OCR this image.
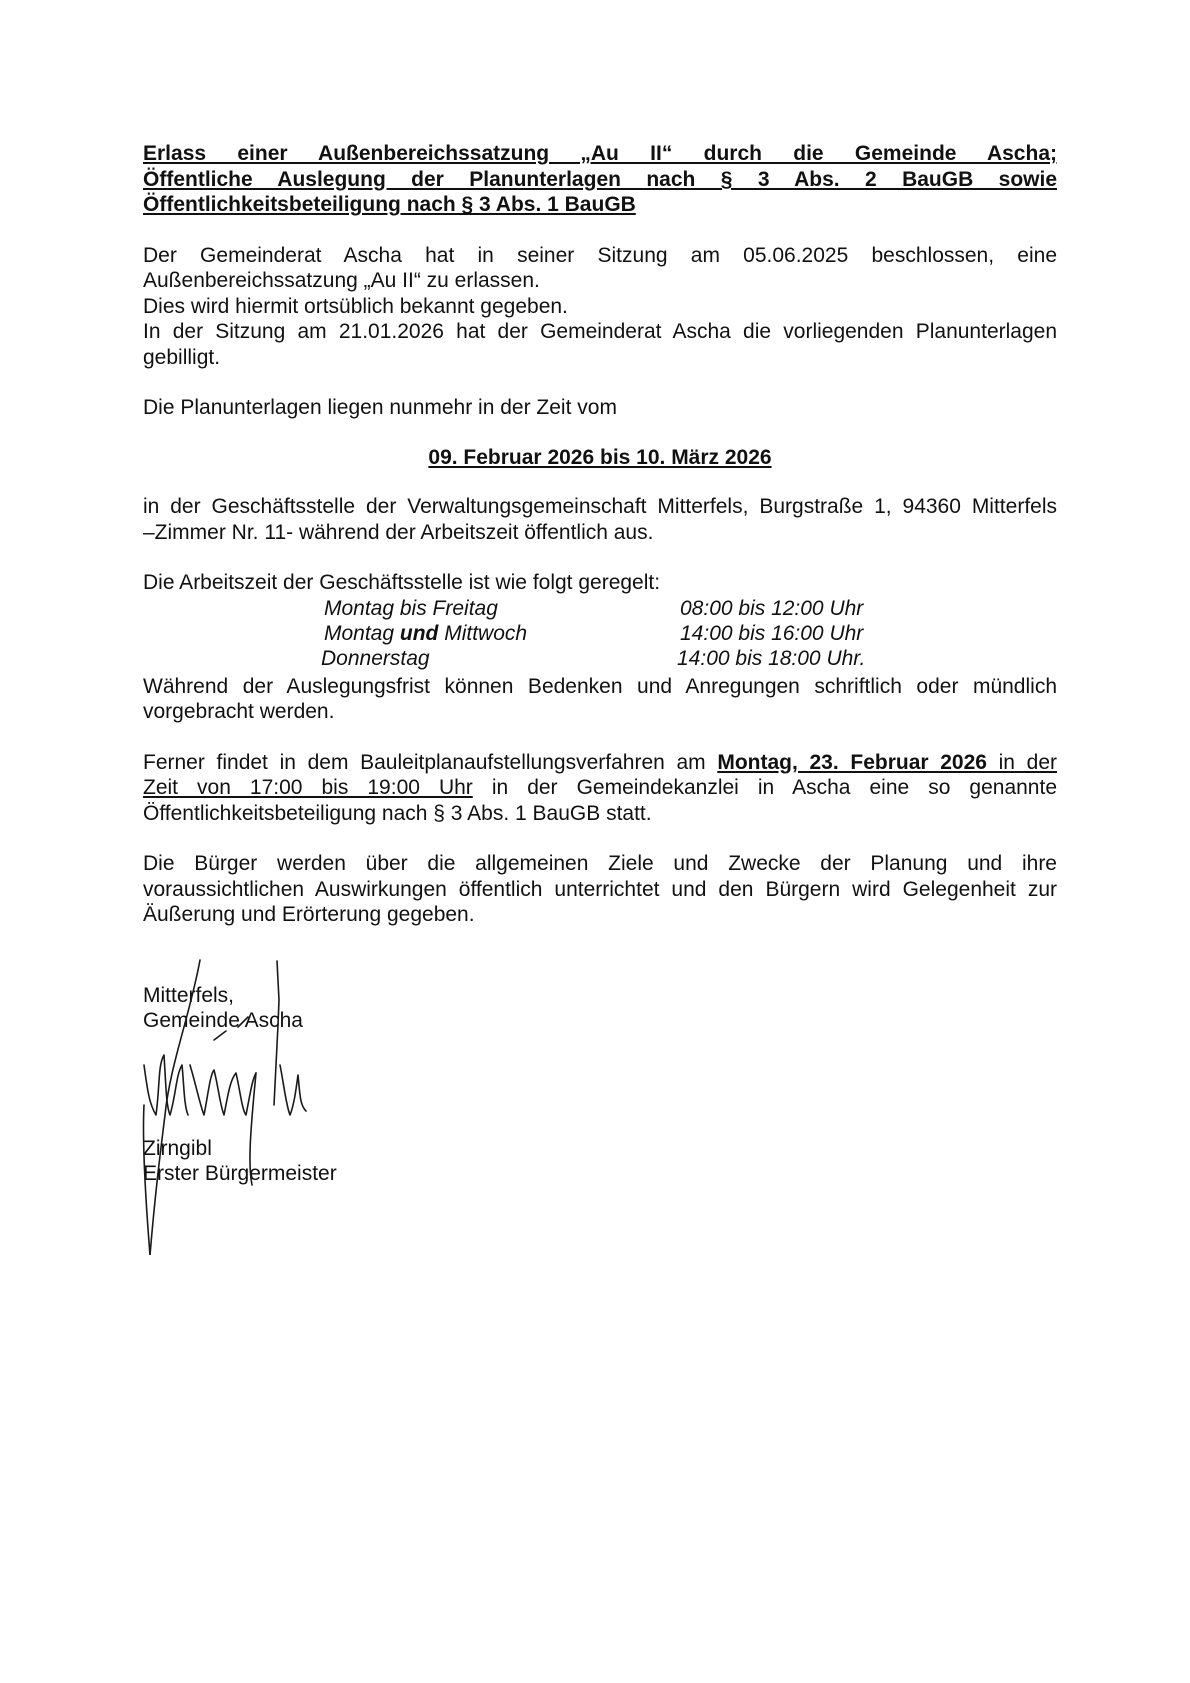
Erlass einer Außenbereichssatzung „Au II“ durch die Gemeinde Ascha;
Öffentliche Auslegung der Planunterlagen nach § 3 Abs. 2 BauGB sowie
Öffentlichkeitsbeteiligung nach § 3 Abs. 1 BauGB
Der Gemeinderat Ascha hat in seiner Sitzung am 05.06.2025 beschlossen, eine
Außenbereichssatzung „Au II“ zu erlassen.
Dies wird hiermit ortsüblich bekannt gegeben.
In der Sitzung am 21.01.2026 hat der Gemeinderat Ascha die vorliegenden Planunterlagen
gebilligt.
Die Planunterlagen liegen nunmehr in der Zeit vom
09. Februar 2026 bis 10. März 2026
in der Geschäftsstelle der Verwaltungsgemeinschaft Mitterfels, Burgstraße 1, 94360 Mitterfels
–Zimmer Nr. 11- während der Arbeitszeit öffentlich aus.
Die Arbeitszeit der Geschäftsstelle ist wie folgt geregelt:
Montag bis Freitag	08:00 bis 12:00 Uhr
Montag und Mittwoch	14:00 bis 16:00 Uhr
Donnerstag	14:00 bis 18:00 Uhr.
Während der Auslegungsfrist können Bedenken und Anregungen schriftlich oder mündlich
vorgebracht werden.
Ferner findet in dem Bauleitplanaufstellungsverfahren am Montag, 23. Februar 2026 in der
Zeit von 17:00 bis 19:00 Uhr in der Gemeindekanzlei in Ascha eine so genannte
Öffentlichkeitsbeteiligung nach § 3 Abs. 1 BauGB statt.
Die Bürger werden über die allgemeinen Ziele und Zwecke der Planung und ihre
voraussichtlichen Auswirkungen öffentlich unterrichtet und den Bürgern wird Gelegenheit zur
Äußerung und Erörterung gegeben.
Mitterfels,
Gemeinde Ascha
Zirngibl
Erster Bürgermeister
